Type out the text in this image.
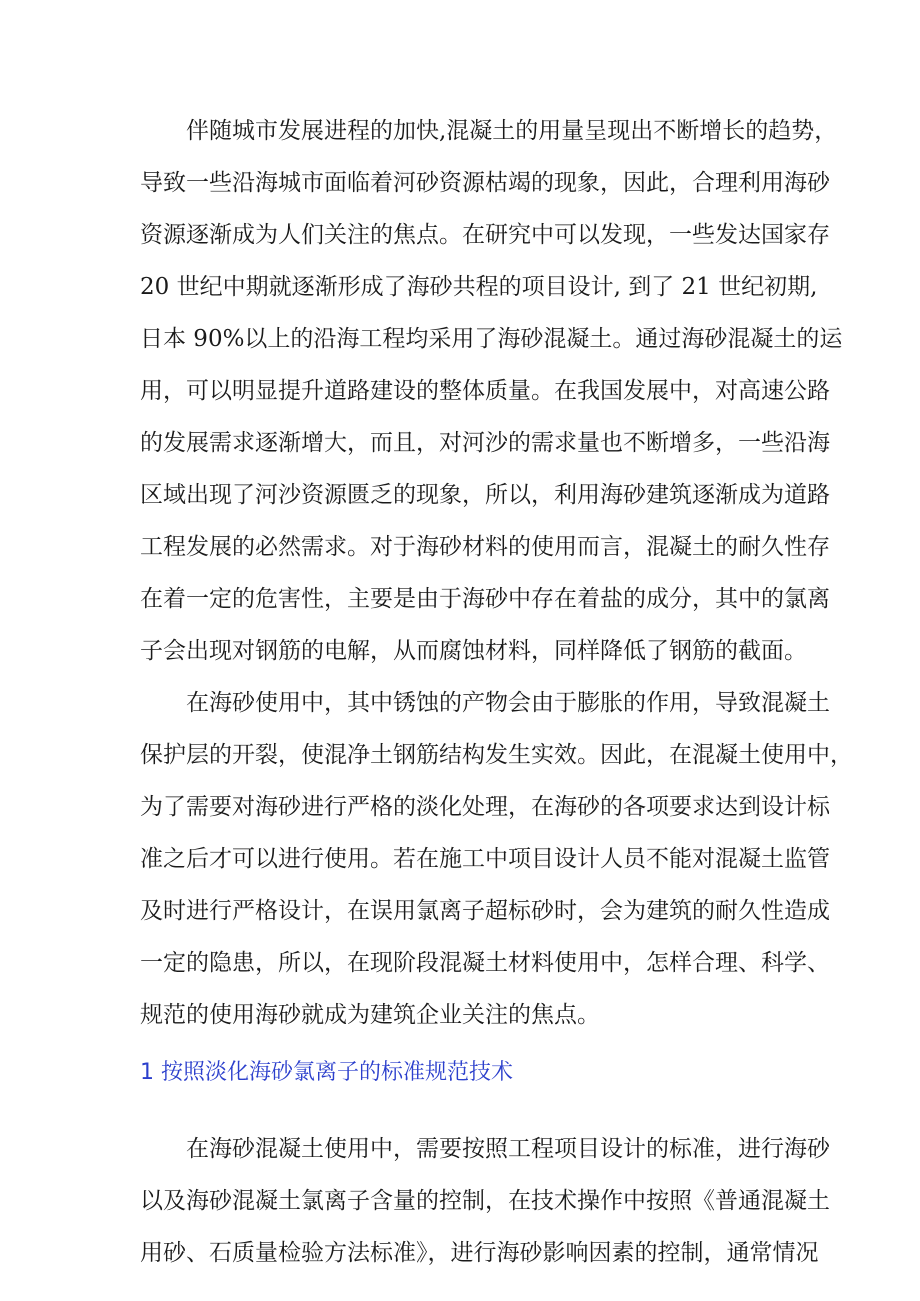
伴随城市发展进程的加快,混凝土的用量呈现出不断增长的趋势，

导致一些沿海城市面临着河砂资源枯竭的现象，因此，合理利用海砂

资源逐渐成为人们关注的焦点。在研究中可以发现，一些发达国家存

20 世纪中期就逐渐形成了海砂共程的项目设计, 到了 21 世纪初期,

日本 90%以上的沿海工程均采用了海砂混凝土。通过海砂混凝土的运

用，可以明显提升道路建设的整体质量。在我国发展中，对高速公路

的发展需求逐渐增大，而且，对河沙的需求量也不断增多，一些沿海

区域出现了河沙资源匮乏的现象，所以，利用海砂建筑逐渐成为道路

工程发展的必然需求。对于海砂材料的使用而言，混凝土的耐久性存

在着一定的危害性，主要是由于海砂中存在着盐的成分，其中的氯离

子会出现对钢筋的电解，从而腐蚀材料，同样降低了钢筋的截面。

在海砂使用中，其中锈蚀的产物会由于膨胀的作用，导致混凝土

保护层的开裂，使混净土钢筋结构发生实效。因此，在混凝土使用中，

为了需要对海砂进行严格的淡化处理，在海砂的各项要求达到设计标

准之后才可以进行使用。若在施工中项目设计人员不能对混凝土监管

及时进行严格设计，在误用氯离子超标砂时，会为建筑的耐久性造成

一定的隐患，所以，在现阶段混凝土材料使用中，怎样合理、科学、

规范的使用海砂就成为建筑企业关注的焦点。

1 按照淡化海砂氯离子的标准规范技术

在海砂混凝土使用中，需要按照工程项目设计的标准，进行海砂

以及海砂混凝土氯离子含量的控制，在技术操作中按照《普通混凝土

用砂、石质量检验方法标准》，进行海砂影响因素的控制，通常情况
